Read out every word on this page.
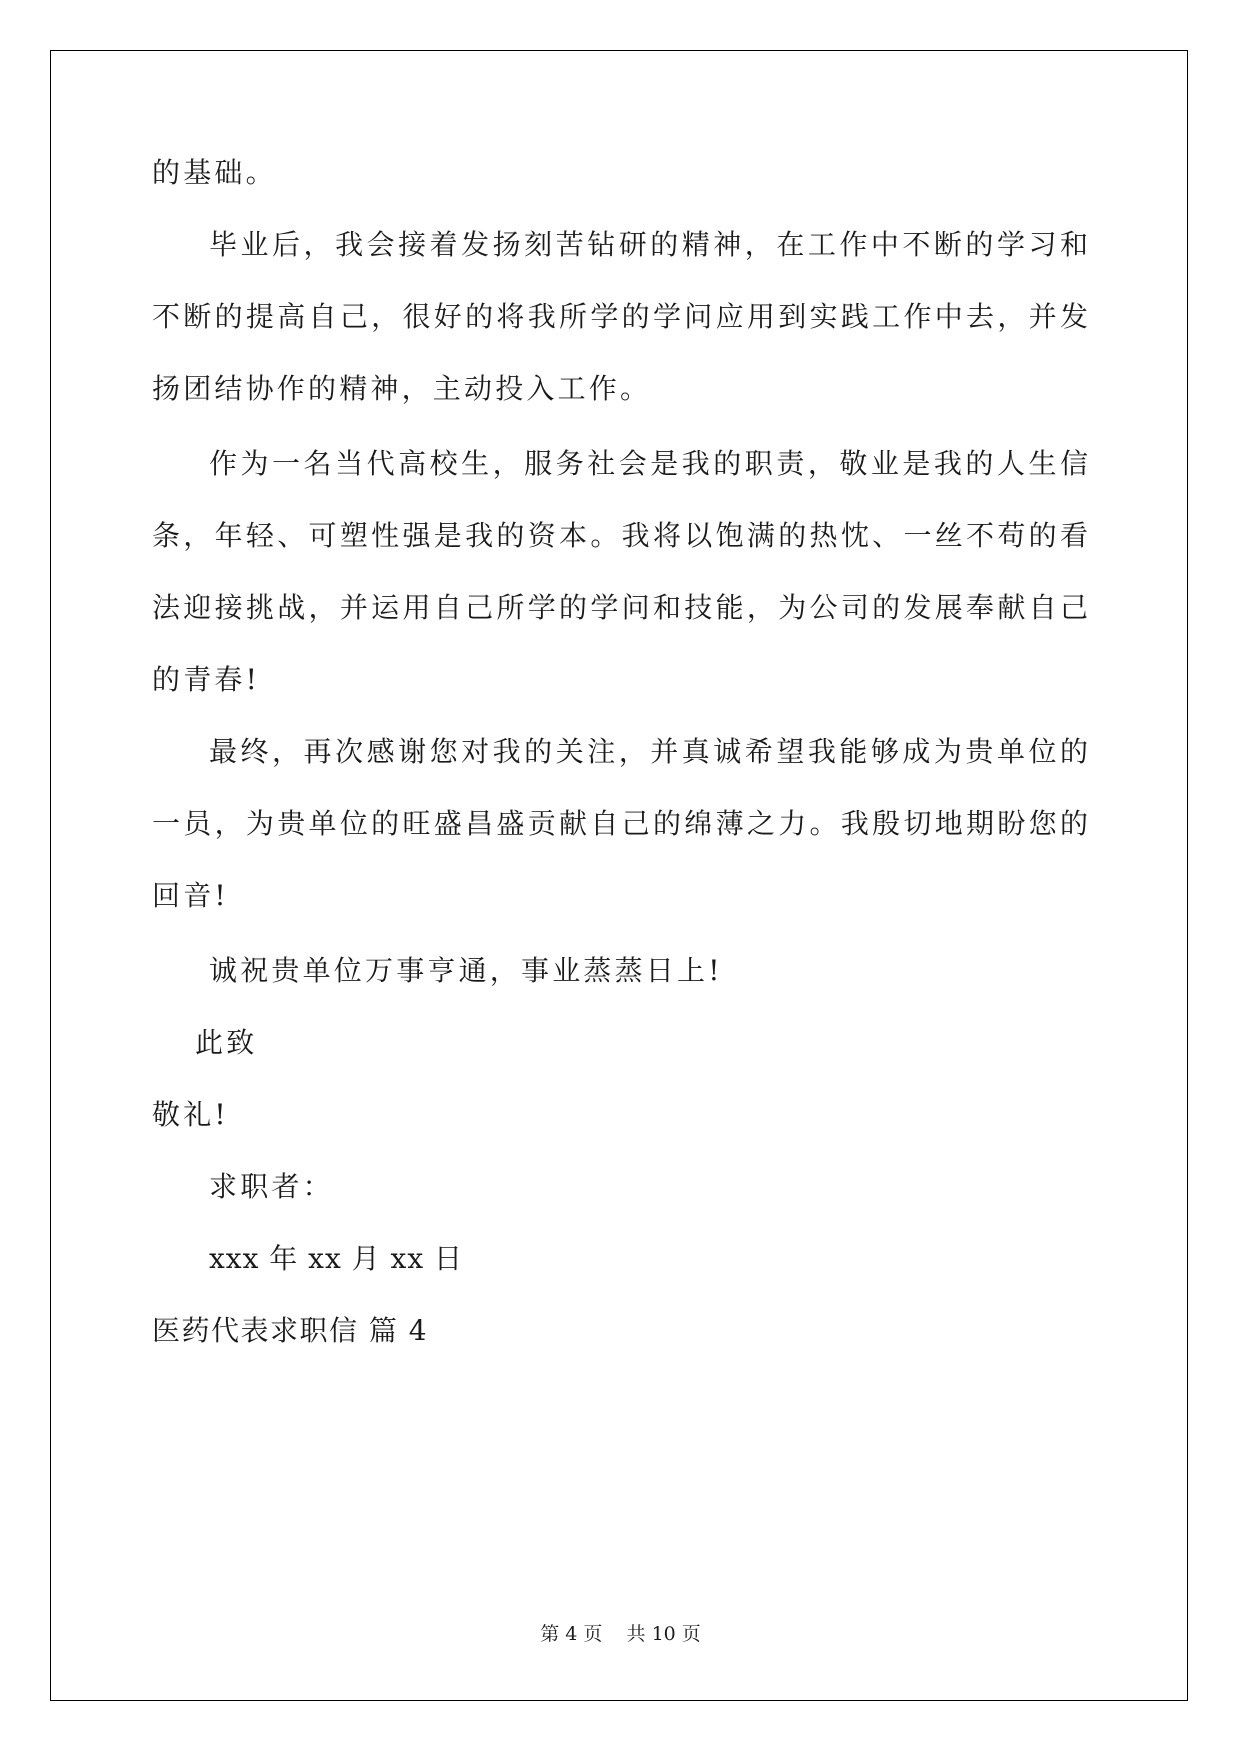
的基础。
毕业后，我会接着发扬刻苦钻研的精神，在工作中不断的学习和
不断的提高自己，很好的将我所学的学问应用到实践工作中去，并发
扬团结协作的精神，主动投入工作。
作为一名当代高校生，服务社会是我的职责，敬业是我的人生信
条，年轻、可塑性强是我的资本。我将以饱满的热忱、一丝不苟的看
法迎接挑战，并运用自己所学的学问和技能，为公司的发展奉献自己
的青春!
最终，再次感谢您对我的关注，并真诚希望我能够成为贵单位的
一员，为贵单位的旺盛昌盛贡献自己的绵薄之力。我殷切地期盼您的
回音!
诚祝贵单位万事亨通，事业蒸蒸日上!
此致
敬礼!
求职者：
xxx 年 xx 月 xx 日
医药代表求职信 篇 4
第 4 页    共 10 页
